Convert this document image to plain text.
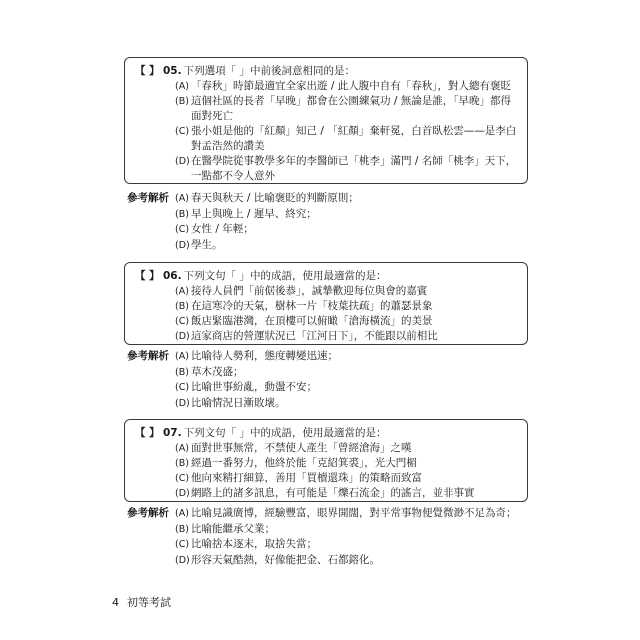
【 】 05. 下列選項「 」中前後詞意相同的是：
(A) 「春秋」時節最適宜全家出遊 / 此人腹中自有「春秋」，對人總有褒貶
(B) 這個社區的長者「早晚」都會在公園練氣功 / 無論是誰，「早晚」都得面對死亡
(C) 張小姐是他的「紅顏」知己 / 「紅顏」棄軒冕，白首臥松雲——是李白對孟浩然的讚美
(D) 在醫學院從事教學多年的李醫師已「桃李」滿門 / 名師「桃李」天下，一點都不令人意外
參考解析 (A) 春天與秋天 / 比喻褒貶的判斷原則；
(B) 早上與晚上 / 遲早、終究；
(C) 女性 / 年輕；
(D) 學生。
【 】 06. 下列文句「 」中的成語，使用最適當的是：
(A) 接待人員們「前倨後恭」，誠摯歡迎每位與會的嘉賓
(B) 在這寒冷的天氣，樹林一片「枝葉扶疏」的蕭瑟景象
(C) 飯店緊臨港灣，在頂樓可以俯瞰「滄海橫流」的美景
(D) 這家商店的營運狀況已「江河日下」，不能跟以前相比
參考解析 (A) 比喻待人勢利，態度轉變迅速；
(B) 草木茂盛；
(C) 比喻世事紛亂，動盪不安；
(D) 比喻情況日漸敗壞。
【 】 07. 下列文句「 」中的成語，使用最適當的是：
(A) 面對世事無常，不禁使人產生「曾經滄海」之嘆
(B) 經過一番努力，他終於能「克紹箕裘」，光大門楣
(C) 他向來精打細算，善用「買櫝還珠」的策略而致富
(D) 網路上的諸多訊息，有可能是「爍石流金」的謠言，並非事實
參考解析 (A) 比喻見識廣博，經驗豐富，眼界開闊，對平常事物便覺微渺不足為奇；
(B) 比喻能繼承父業；
(C) 比喻捨本逐末，取捨失當；
(D) 形容天氣酷熱，好像能把金、石都鎔化。
4 初等考試
